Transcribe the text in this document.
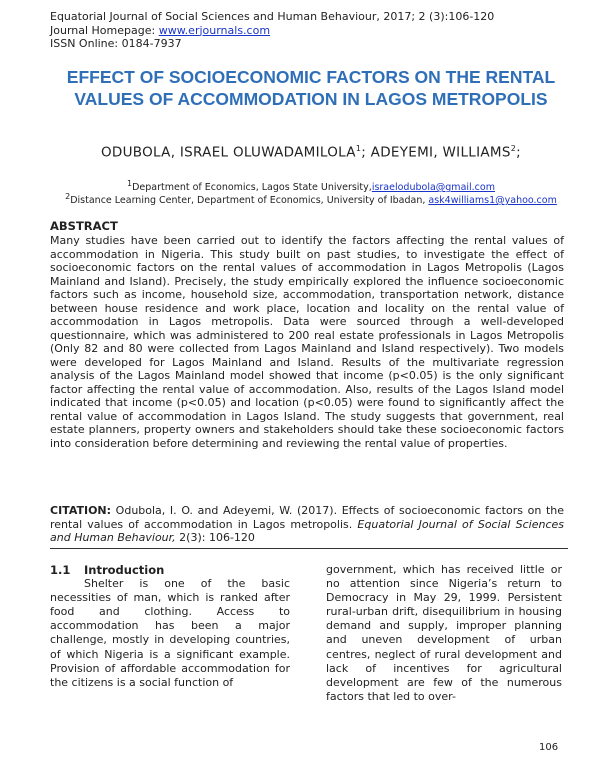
Equatorial Journal of Social Sciences and Human Behaviour, 2017; 2 (3):106-120
Journal Homepage: www.erjournals.com
ISSN Online: 0184-7937
EFFECT OF SOCIOECONOMIC FACTORS ON THE RENTAL VALUES OF ACCOMMODATION IN LAGOS METROPOLIS
ODUBOLA, ISRAEL OLUWADAMILOLA$^1$; ADEYEMI, WILLIAMS$^2$;
$^1$Department of Economics, Lagos State University,israelodubola@gmail.com
$^2$Distance Learning Center, Department of Economics, University of Ibadan, ask4williams1@yahoo.com
ABSTRACT
Many studies have been carried out to identify the factors affecting the rental values of accommodation in Nigeria. This study built on past studies, to investigate the effect of socioeconomic factors on the rental values of accommodation in Lagos Metropolis (Lagos Mainland and Island). Precisely, the study empirically explored the influence socioeconomic factors such as income, household size, accommodation, transportation network, distance between house residence and work place, location and locality on the rental value of accommodation in Lagos metropolis. Data were sourced through a well-developed questionnaire, which was administered to 200 real estate professionals in Lagos Metropolis (Only 82 and 80 were collected from Lagos Mainland and Island respectively). Two models were developed for Lagos Mainland and Island. Results of the multivariate regression analysis of the Lagos Mainland model showed that income (p<0.05) is the only significant factor affecting the rental value of accommodation. Also, results of the Lagos Island model indicated that income (p<0.05) and location (p<0.05) were found to significantly affect the rental value of accommodation in Lagos Island. The study suggests that government, real estate planners, property owners and stakeholders should take these socioeconomic factors into consideration before determining and reviewing the rental value of properties.
CITATION: Odubola, I. O. and Adeyemi, W. (2017). Effects of socioeconomic factors on the rental values of accommodation in Lagos metropolis. Equatorial Journal of Social Sciences and Human Behaviour, 2(3): 106-120
1.1 Introduction
Shelter is one of the basic necessities of man, which is ranked after food and clothing. Access to accommodation has been a major challenge, mostly in developing countries, of which Nigeria is a significant example. Provision of affordable accommodation for the citizens is a social function of
government, which has received little or no attention since Nigeria’s return to Democracy in May 29, 1999. Persistent rural-urban drift, disequilibrium in housing demand and supply, improper planning and uneven development of urban centres, neglect of rural development and lack of incentives for agricultural development are few of the numerous factors that led to over-
106
